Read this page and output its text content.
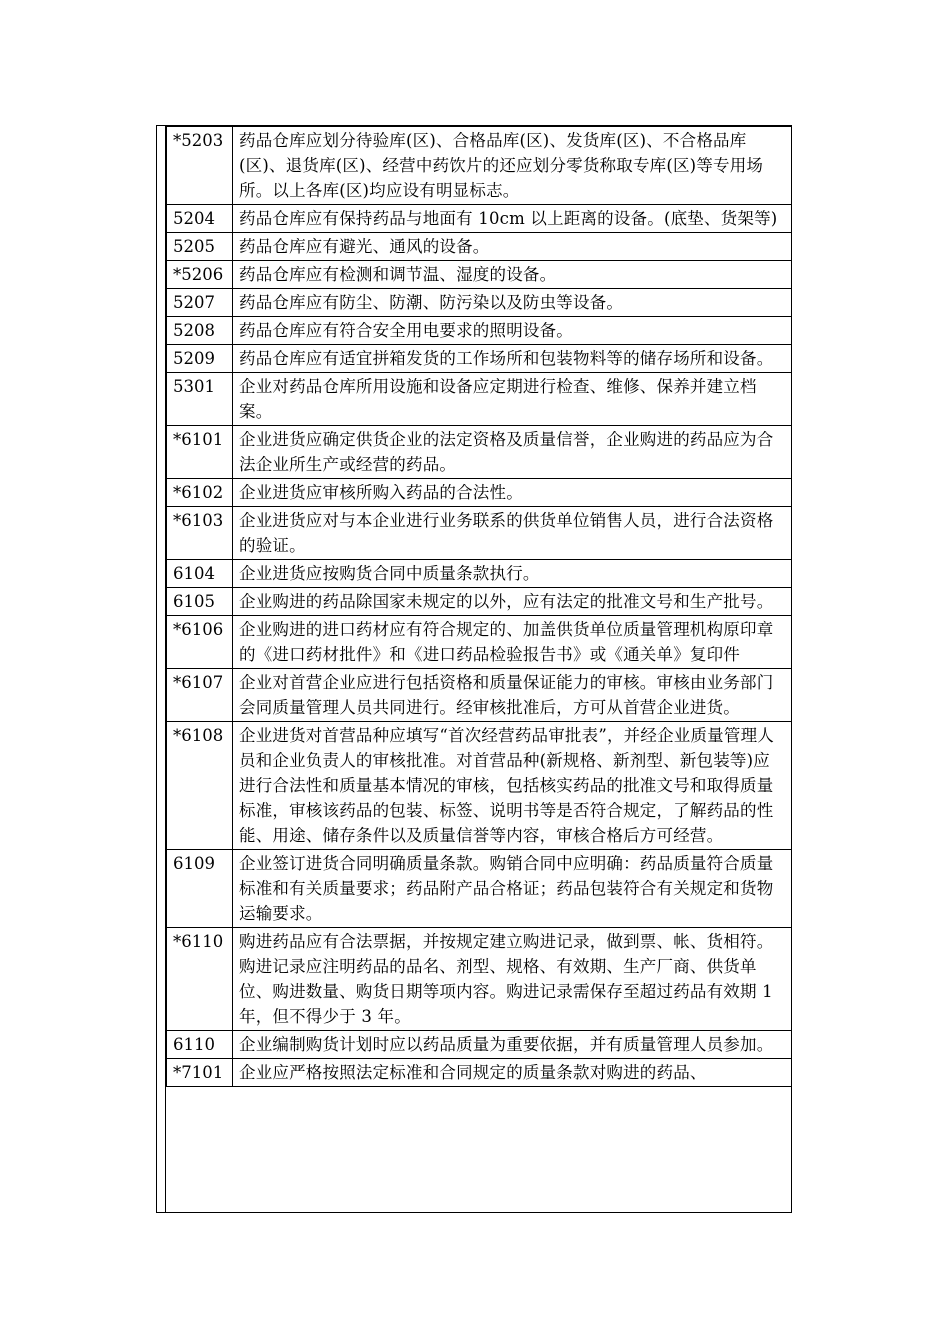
*5203	药品仓库应划分待验库(区)、合格品库(区)、发货库(区)、不合格品库(区)、退货库(区)、经营中药饮片的还应划分零货称取专库(区)等专用场所。以上各库(区)均应设有明显标志。
5204	药品仓库应有保持药品与地面有 10cm 以上距离的设备。(底垫、货架等)
5205	药品仓库应有避光、通风的设备。
*5206	药品仓库应有检测和调节温、湿度的设备。
5207	药品仓库应有防尘、防潮、防污染以及防虫等设备。
5208	药品仓库应有符合安全用电要求的照明设备。
5209	药品仓库应有适宜拼箱发货的工作场所和包装物料等的储存场所和设备。
5301	企业对药品仓库所用设施和设备应定期进行检查、维修、保养并建立档案。
*6101	企业进货应确定供货企业的法定资格及质量信誉，企业购进的药品应为合法企业所生产或经营的药品。
*6102	企业进货应审核所购入药品的合法性。
*6103	企业进货应对与本企业进行业务联系的供货单位销售人员，进行合法资格的验证。
6104	企业进货应按购货合同中质量条款执行。
6105	企业购进的药品除国家未规定的以外，应有法定的批准文号和生产批号。
*6106	企业购进的进口药材应有符合规定的、加盖供货单位质量管理机构原印章的《进口药材批件》和《进口药品检验报告书》或《通关单》复印件
*6107	企业对首营企业应进行包括资格和质量保证能力的审核。审核由业务部门会同质量管理人员共同进行。经审核批准后，方可从首营企业进货。
*6108	企业进货对首营品种应填写“首次经营药品审批表”，并经企业质量管理人员和企业负责人的审核批准。对首营品种(新规格、新剂型、新包装等)应进行合法性和质量基本情况的审核，包括核实药品的批准文号和取得质量标准，审核该药品的包装、标签、说明书等是否符合规定，了解药品的性能、用途、储存条件以及质量信誉等内容，审核合格后方可经营。
6109	企业签订进货合同明确质量条款。购销合同中应明确：药品质量符合质量标准和有关质量要求；药品附产品合格证；药品包装符合有关规定和货物运输要求。
*6110	购进药品应有合法票据，并按规定建立购进记录，做到票、帐、货相符。购进记录应注明药品的品名、剂型、规格、有效期、生产厂商、供货单位、购进数量、购货日期等项内容。购进记录需保存至超过药品有效期 1 年，但不得少于 3 年。
6110	企业编制购货计划时应以药品质量为重要依据，并有质量管理人员参加。
*7101	企业应严格按照法定标准和合同规定的质量条款对购进的药品、
